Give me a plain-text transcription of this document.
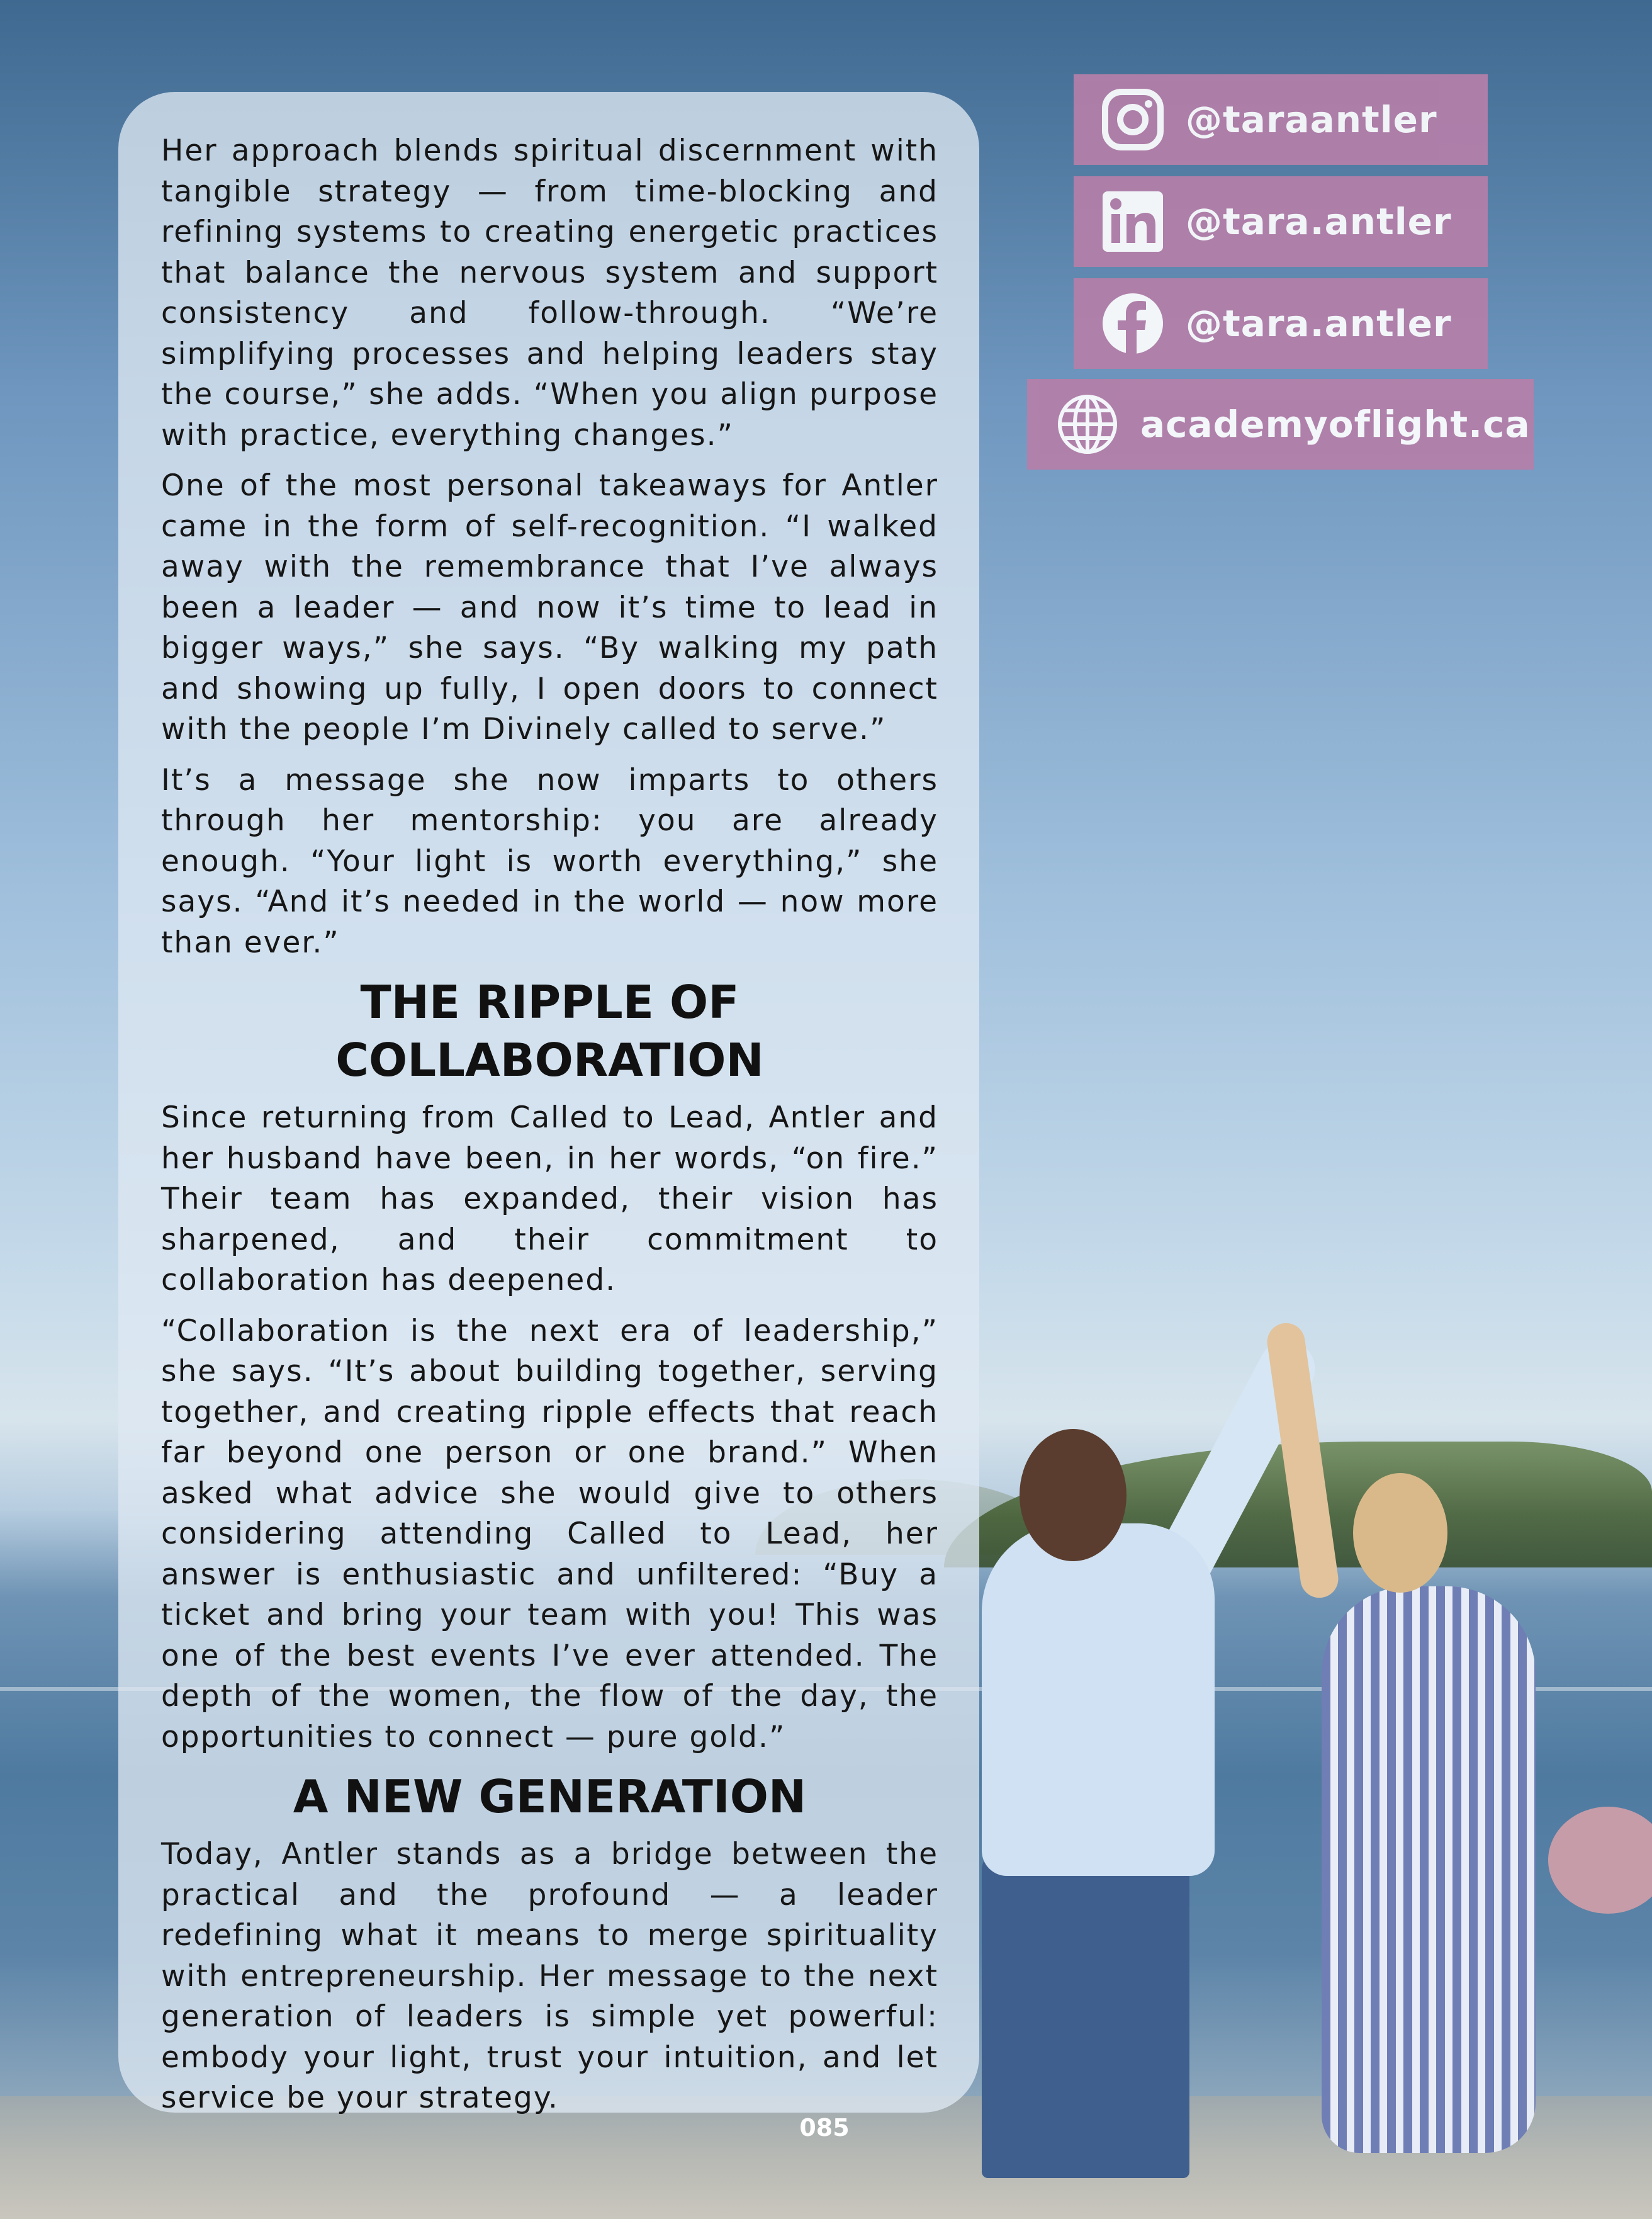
@taraantler
@tara.antler
@tara.antler
academyoflight.ca

Her approach blends spiritual discernment with tangible strategy — from time-blocking and refining systems to creating energetic practices that balance the nervous system and support consistency and follow-through. “We’re simplifying processes and helping leaders stay the course,” she adds. “When you align purpose with practice, everything changes.”

One of the most personal takeaways for Antler came in the form of self-recognition. “I walked away with the remembrance that I’ve always been a leader — and now it’s time to lead in bigger ways,” she says. “By walking my path and showing up fully, I open doors to connect with the people I’m Divinely called to serve.”

It’s a message she now imparts to others through her mentorship: you are already enough. “Your light is worth everything,” she says. “And it’s needed in the world — now more than ever.”

THE RIPPLE OF COLLABORATION

Since returning from Called to Lead, Antler and her husband have been, in her words, “on fire.” Their team has expanded, their vision has sharpened, and their commitment to collaboration has deepened.

“Collaboration is the next era of leadership,” she says. “It’s about building together, serving together, and creating ripple effects that reach far beyond one person or one brand.” When asked what advice she would give to others considering attending Called to Lead, her answer is enthusiastic and unfiltered: “Buy a ticket and bring your team with you! This was one of the best events I’ve ever attended. The depth of the women, the flow of the day, the opportunities to connect — pure gold.”

A NEW GENERATION

Today, Antler stands as a bridge between the practical and the profound — a leader redefining what it means to merge spirituality with entrepreneurship. Her message to the next generation of leaders is simple yet powerful: embody your light, trust your intuition, and let service be your strategy.

085
